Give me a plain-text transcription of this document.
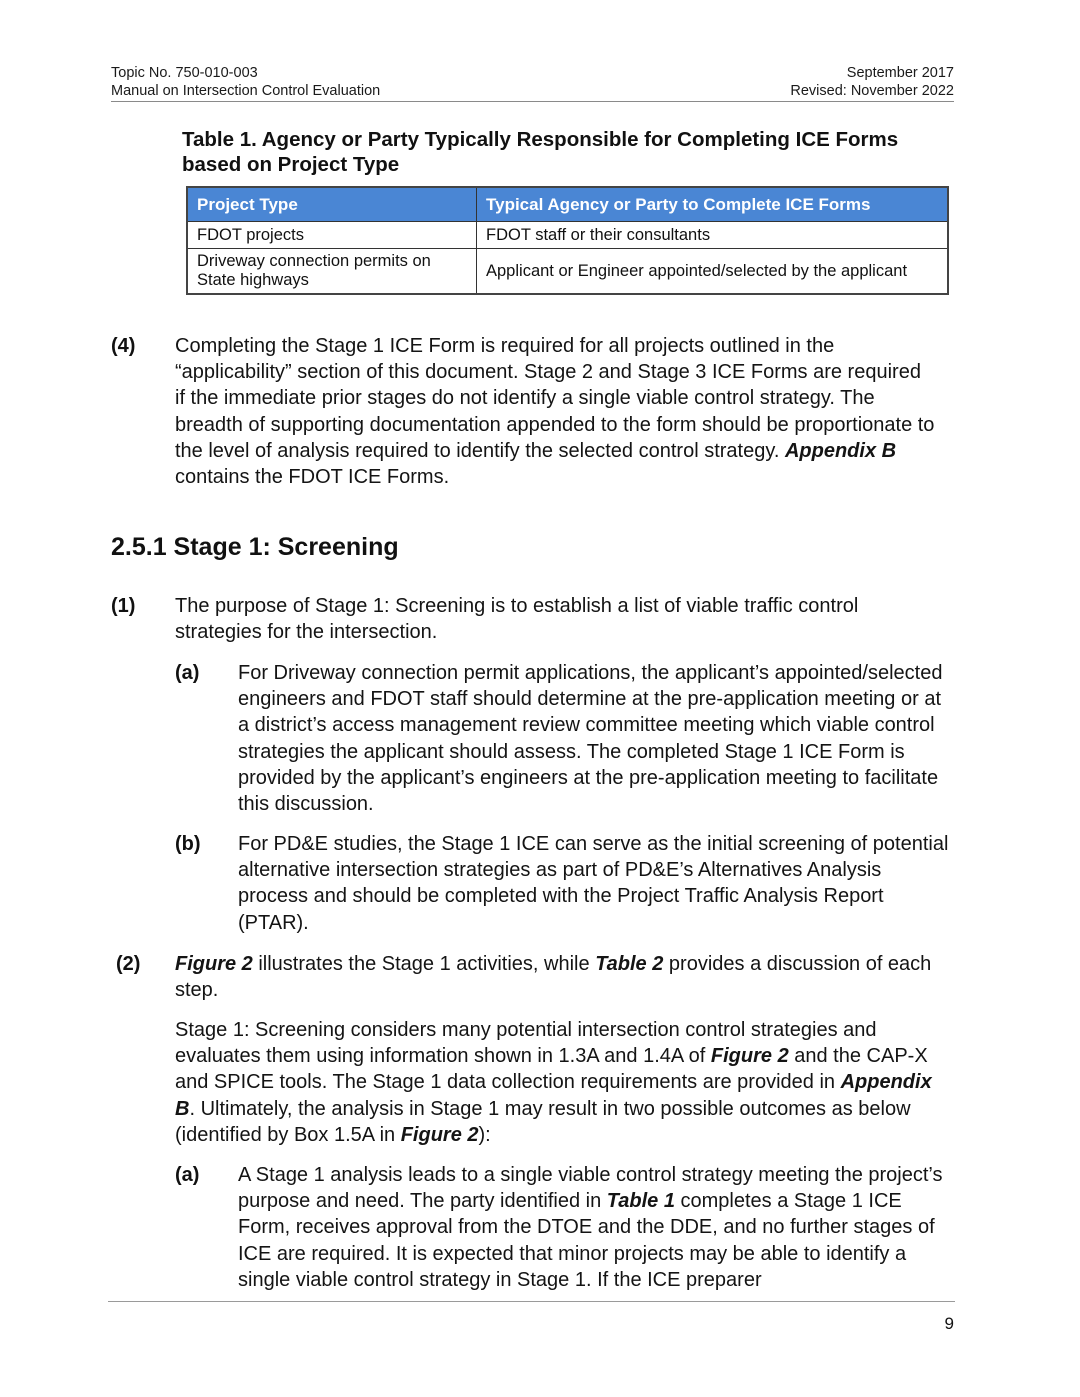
Topic No. 750-010-003
Manual on Intersection Control Evaluation
September 2017
Revised: November 2022
Table 1. Agency or Party Typically Responsible for Completing ICE Forms
based on Project Type
Project Type	Typical Agency or Party to Complete ICE Forms
FDOT projects	FDOT staff or their consultants

Driveway connection permits on
State highways	Applicant or Engineer appointed/selected by the applicant
(4) Completing the Stage 1 ICE Form is required for all projects outlined in the “applicability” section of this document. Stage 2 and Stage 3 ICE Forms are required if the immediate prior stages do not identify a single viable control strategy. The breadth of supporting documentation appended to the form should be proportionate to the level of analysis required to identify the selected control strategy. Appendix B contains the FDOT ICE Forms.
2.5.1 Stage 1: Screening
(1) The purpose of Stage 1: Screening is to establish a list of viable traffic control strategies for the intersection.
(a) For Driveway connection permit applications, the applicant’s appointed/selected engineers and FDOT staff should determine at the pre-application meeting or at a district’s access management review committee meeting which viable control strategies the applicant should assess. The completed Stage 1 ICE Form is provided by the applicant’s engineers at the pre-application meeting to facilitate this discussion.
(b) For PD&E studies, the Stage 1 ICE can serve as the initial screening of potential alternative intersection strategies as part of PD&E’s Alternatives Analysis process and should be completed with the Project Traffic Analysis Report (PTAR).
(2) Figure 2 illustrates the Stage 1 activities, while Table 2 provides a discussion of each step.
Stage 1: Screening considers many potential intersection control strategies and evaluates them using information shown in 1.3A and 1.4A of Figure 2 and the CAP-X and SPICE tools. The Stage 1 data collection requirements are provided in Appendix B. Ultimately, the analysis in Stage 1 may result in two possible outcomes as below (identified by Box 1.5A in Figure 2):
(a) A Stage 1 analysis leads to a single viable control strategy meeting the project’s purpose and need. The party identified in Table 1 completes a Stage 1 ICE Form, receives approval from the DTOE and the DDE, and no further stages of ICE are required. It is expected that minor projects may be able to identify a single viable control strategy in Stage 1. If the ICE preparer
9
